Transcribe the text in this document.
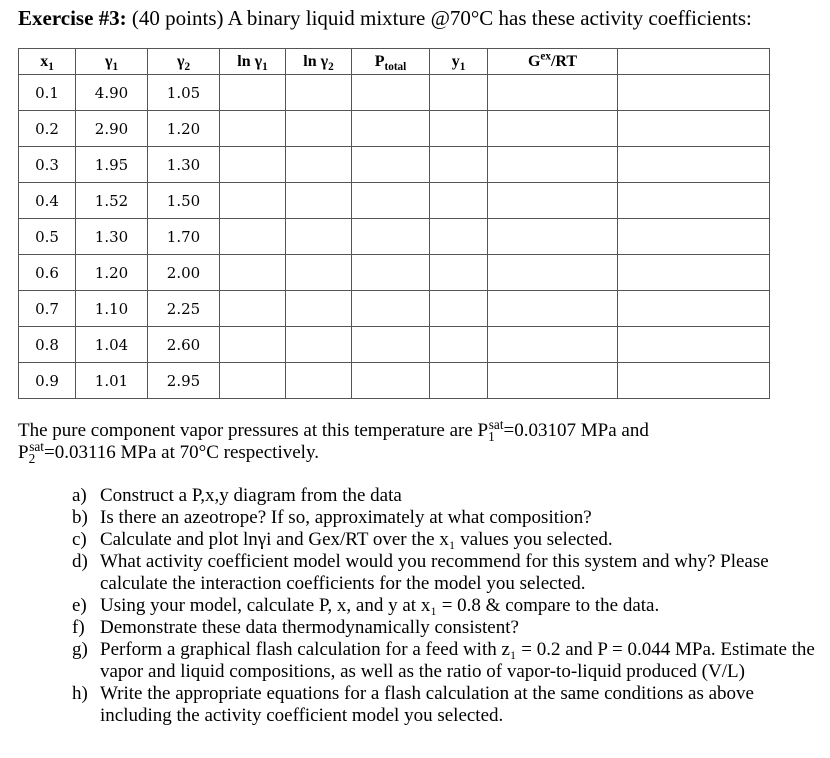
Exercise #3: (40 points) A binary liquid mixture @70°C has these activity coefficients:
$x_1$	$\gamma_1$	$\gamma_2$	$\ln \gamma_1$	$\ln \gamma_2$	$P_{total}$	$y_1$	$G^{ex}/RT$	
0.1	4.90	1.05						
0.2	2.90	1.20						
0.3	1.95	1.30						
0.4	1.52	1.50						
0.5	1.30	1.70						
0.6	1.20	2.00						
0.7	1.10	2.25						
0.8	1.04	2.60						
0.9	1.01	2.95						
The pure component vapor pressures at this temperature are $P_1^{sat}=0.03107$ MPa and
$P_2^{sat}=0.03116$ MPa at 70°C respectively.
a) Construct a P,x,y diagram from the data
b) Is there an azeotrope? If so, approximately at what composition?
c) Calculate and plot lnγi and Gex/RT over the x₁ values you selected.
d) What activity coefficient model would you recommend for this system and why? Please calculate the interaction coefficients for the model you selected.
e) Using your model, calculate P, x, and y at x₁ = 0.8 & compare to the data.
f) Demonstrate these data thermodynamically consistent?
g) Perform a graphical flash calculation for a feed with z₁ = 0.2 and P = 0.044 MPa. Estimate the vapor and liquid compositions, as well as the ratio of vapor-to-liquid produced (V/L)
h) Write the appropriate equations for a flash calculation at the same conditions as above including the activity coefficient model you selected.
